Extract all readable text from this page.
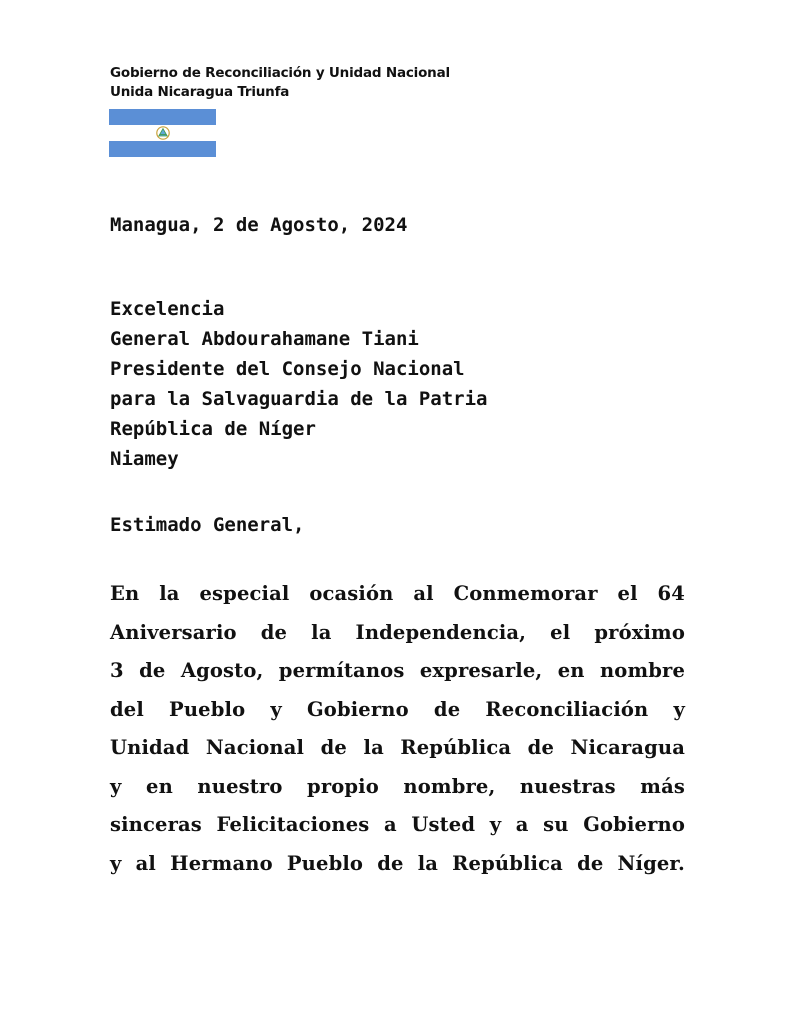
Gobierno de Reconciliación y Unidad Nacional
Unida Nicaragua Triunfa
Managua, 2 de Agosto, 2024
Excelencia
General Abdourahamane Tiani
Presidente del Consejo Nacional
para la Salvaguardia de la Patria
República de Níger
Niamey
Estimado General,
En la especial ocasión al Conmemorar el 64
Aniversario de la Independencia, el próximo
3 de Agosto, permítanos expresarle, en nombre
del Pueblo y Gobierno de Reconciliación y
Unidad Nacional de la República de Nicaragua
y en nuestro propio nombre, nuestras más
sinceras Felicitaciones a Usted y a su Gobierno
y al Hermano Pueblo de la República de Níger.
